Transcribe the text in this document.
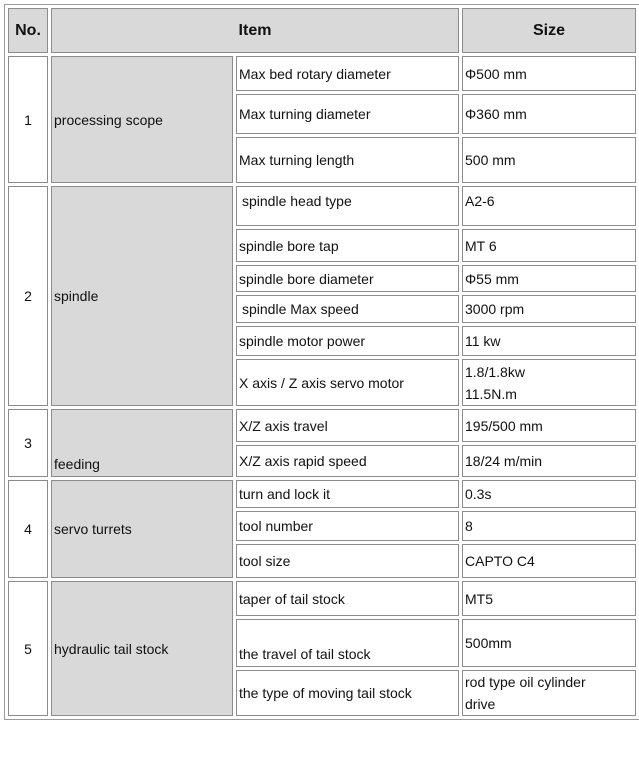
No.	Item		Size
1	processing scope	Max bed rotary diameter	Φ500 mm
		Max turning diameter	Φ360 mm
		Max turning length	500 mm
2	spindle	spindle head type	A2-6
		spindle bore tap	MT 6
		spindle bore diameter	Φ55 mm
		spindle Max speed	3000 rpm
		spindle motor power	11 kw
		X axis / Z axis servo motor	1.8/1.8kw
11.5N.m

3	feeding	X/Z axis travel	195/500 mm
		X/Z axis rapid speed	18/24 m/min
4	servo turrets	turn and lock it	0.3s
		tool number	8
		tool size	CAPTO C4
5	hydraulic tail stock	taper of tail stock	MT5
		the travel of tail stock	500mm
		the type of moving tail stock	rod type oil cylinder
drive
